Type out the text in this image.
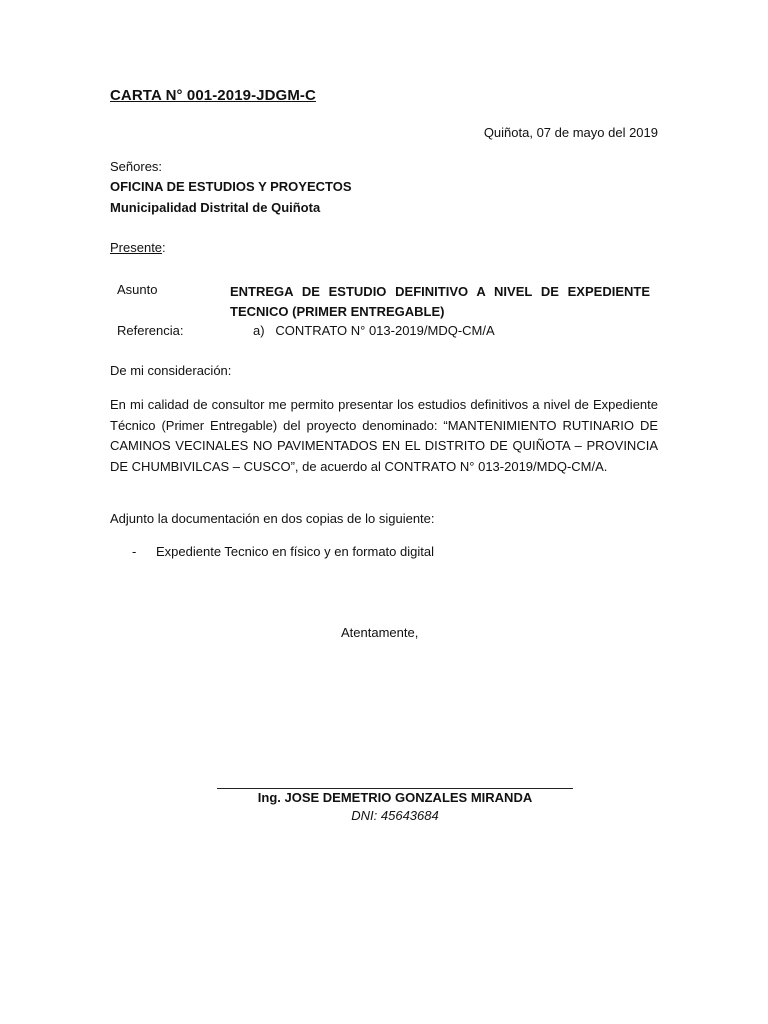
CARTA N° 001-2019-JDGM-C
Quiñota, 07 de mayo del 2019
Señores:
OFICINA DE ESTUDIOS Y PROYECTOS
Municipalidad Distrital de Quiñota
Presente:
Asunto	ENTREGA DE ESTUDIO DEFINITIVO A NIVEL DE EXPEDIENTE TECNICO (PRIMER ENTREGABLE)
Referencia:	a)   CONTRATO N° 013-2019/MDQ-CM/A
De mi consideración:
En mi calidad de consultor me permito presentar los estudios definitivos a nivel de Expediente Técnico (Primer Entregable) del proyecto denominado: “MANTENIMIENTO RUTINARIO DE CAMINOS VECINALES NO PAVIMENTADOS EN EL DISTRITO DE QUIÑOTA – PROVINCIA DE CHUMBIVILCAS – CUSCO”, de acuerdo al CONTRATO N° 013-2019/MDQ-CM/A.
Adjunto la documentación en dos copias de lo siguiente:
- Expediente Tecnico en físico y en formato digital
Atentamente,
Ing. JOSE DEMETRIO GONZALES MIRANDA
DNI: 45643684
